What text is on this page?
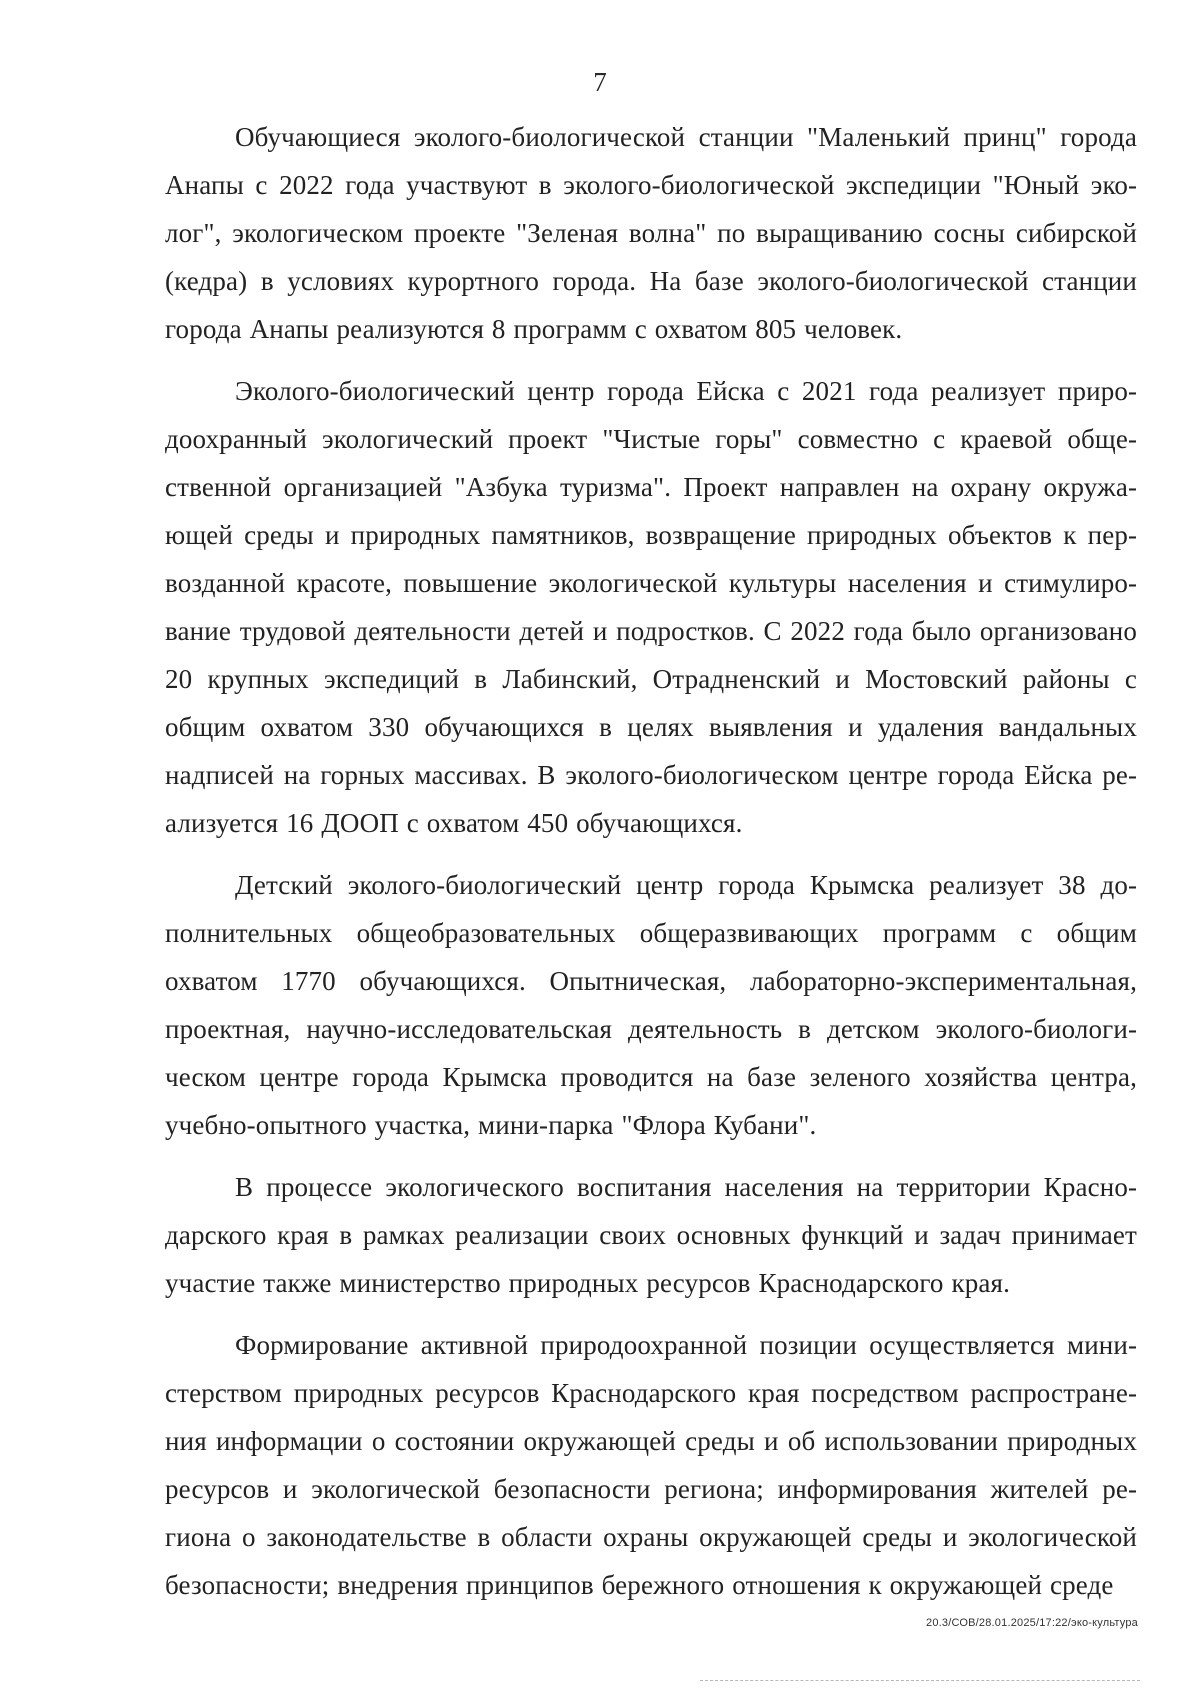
7

Обучающиеся эколого-биологической станции "Маленький принц" города Анапы с 2022 года участвуют в эколого-биологической экспедиции "Юный эколог", экологическом проекте "Зеленая волна" по выращиванию сосны сибирской (кедра) в условиях курортного города. На базе эколого-биологической станции города Анапы реализуются 8 программ с охватом 805 человек.

Эколого-биологический центр города Ейска с 2021 года реализует природоохранный экологический проект "Чистые горы" совместно с краевой общественной организацией "Азбука туризма". Проект направлен на охрану окружающей среды и природных памятников, возвращение природных объектов к первозданной красоте, повышение экологической культуры населения и стимулирование трудовой деятельности детей и подростков. С 2022 года было организовано 20 крупных экспедиций в Лабинский, Отрадненский и Мостовский районы с общим охватом 330 обучающихся в целях выявления и удаления вандальных надписей на горных массивах. В эколого-биологическом центре города Ейска реализуется 16 ДООП с охватом 450 обучающихся.

Детский эколого-биологический центр города Крымска реализует 38 дополнительных общеобразовательных общеразвивающих программ с общим охватом 1770 обучающихся. Опытническая, лабораторно-экспериментальная, проектная, научно-исследовательская деятельность в детском эколого-биологическом центре города Крымска проводится на базе зеленого хозяйства центра, учебно-опытного участка, мини-парка "Флора Кубани".

В процессе экологического воспитания населения на территории Краснодарского края в рамках реализации своих основных функций и задач принимает участие также министерство природных ресурсов Краснодарского края.

Формирование активной природоохранной позиции осуществляется министерством природных ресурсов Краснодарского края посредством распространения информации о состоянии окружающей среды и об использовании природных ресурсов и экологической безопасности региона; информирования жителей региона о законодательстве в области охраны окружающей среды и экологической безопасности; внедрения принципов бережного отношения к окружающей среде

20.3/СОВ/28.01.2025/17:22/эко-культура
